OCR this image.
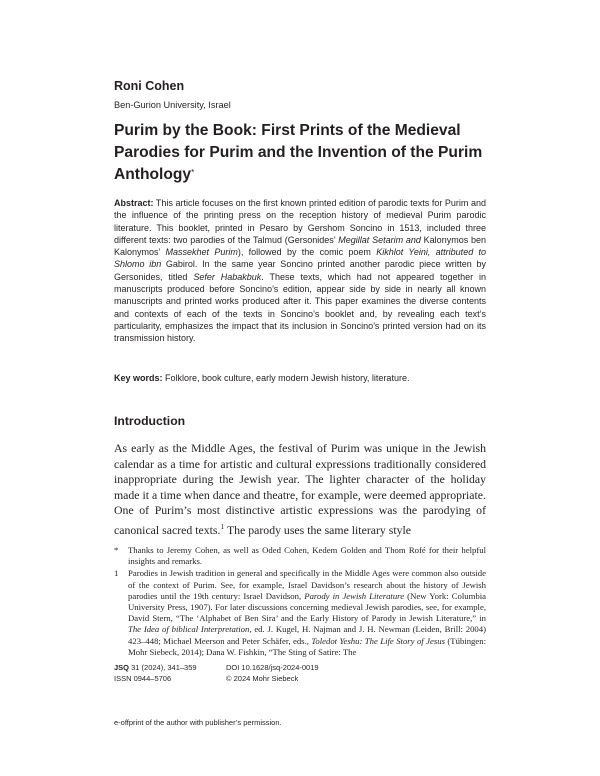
Roni Cohen
Ben-Gurion University, Israel
Purim by the Book: First Prints of the Medieval Parodies for Purim and the Invention of the Purim Anthology*

Abstract: This article focuses on the first known printed edition of parodic texts for Purim and the influence of the printing press on the reception history of medieval Purim parodic literature. This booklet, printed in Pesaro by Gershom Soncino in 1513, included three different texts: two parodies of the Talmud (Gersonides’ Megillat Setarim and Kalonymos ben Kalonymos’ Massekhet Purim), followed by the comic poem Kikhlot Yeini, attributed to Shlomo ibn Gabirol. In the same year Soncino printed another parodic piece written by Gersonides, titled Sefer Habakbuk. These texts, which had not appeared together in manuscripts produced before Soncino’s edition, appear side by side in nearly all known manuscripts and printed works produced after it. This paper examines the diverse contents and contexts of each of the texts in Soncino’s booklet and, by revealing each text’s particularity, emphasizes the impact that its inclusion in Soncino’s printed version had on its transmission history.

Key words: Folklore, book culture, early modern Jewish history, literature.
Introduction
As early as the Middle Ages, the festival of Purim was unique in the Jewish calendar as a time for artistic and cultural expressions traditionally considered inappropriate during the Jewish year. The lighter character of the holiday made it a time when dance and theatre, for example, were deemed appropriate. One of Purim’s most distinctive artistic expressions was the parodying of canonical sacred texts.$^1$ The parody uses the same literary style
* Thanks to Jeremy Cohen, as well as Oded Cohen, Kedem Golden and Thom Rofé for their helpful insights and remarks.
1 Parodies in Jewish tradition in general and specifically in the Middle Ages were common also outside of the context of Purim. See, for example, Israel Davidson’s research about the history of Jewish parodies until the 19th century: Israel Davidson, Parody in Jewish Literature (New York: Columbia University Press, 1907). For later discussions concerning medieval Jewish parodies, see, for example, David Stern, “The ‘Alphabet of Ben Sira’ and the Early History of Parody in Jewish Literature,” in The Idea of biblical Interpretation, ed. J. Kugel, H. Najman and J. H. Newman (Leiden, Brill: 2004) 423–448; Michael Meerson and Peter Schäfer, eds., Toledot Yeshu: The Life Story of Jesus (Tübingen: Mohr Siebeck, 2014); Dana W. Fishkin, “The Sting of Satire: The
JSQ 31 (2024), 341–359
ISSN 0944–5706
DOI 10.1628/jsq-2024-0019
© 2024 Mohr Siebeck
e-offprint of the author with publisher’s permission.
